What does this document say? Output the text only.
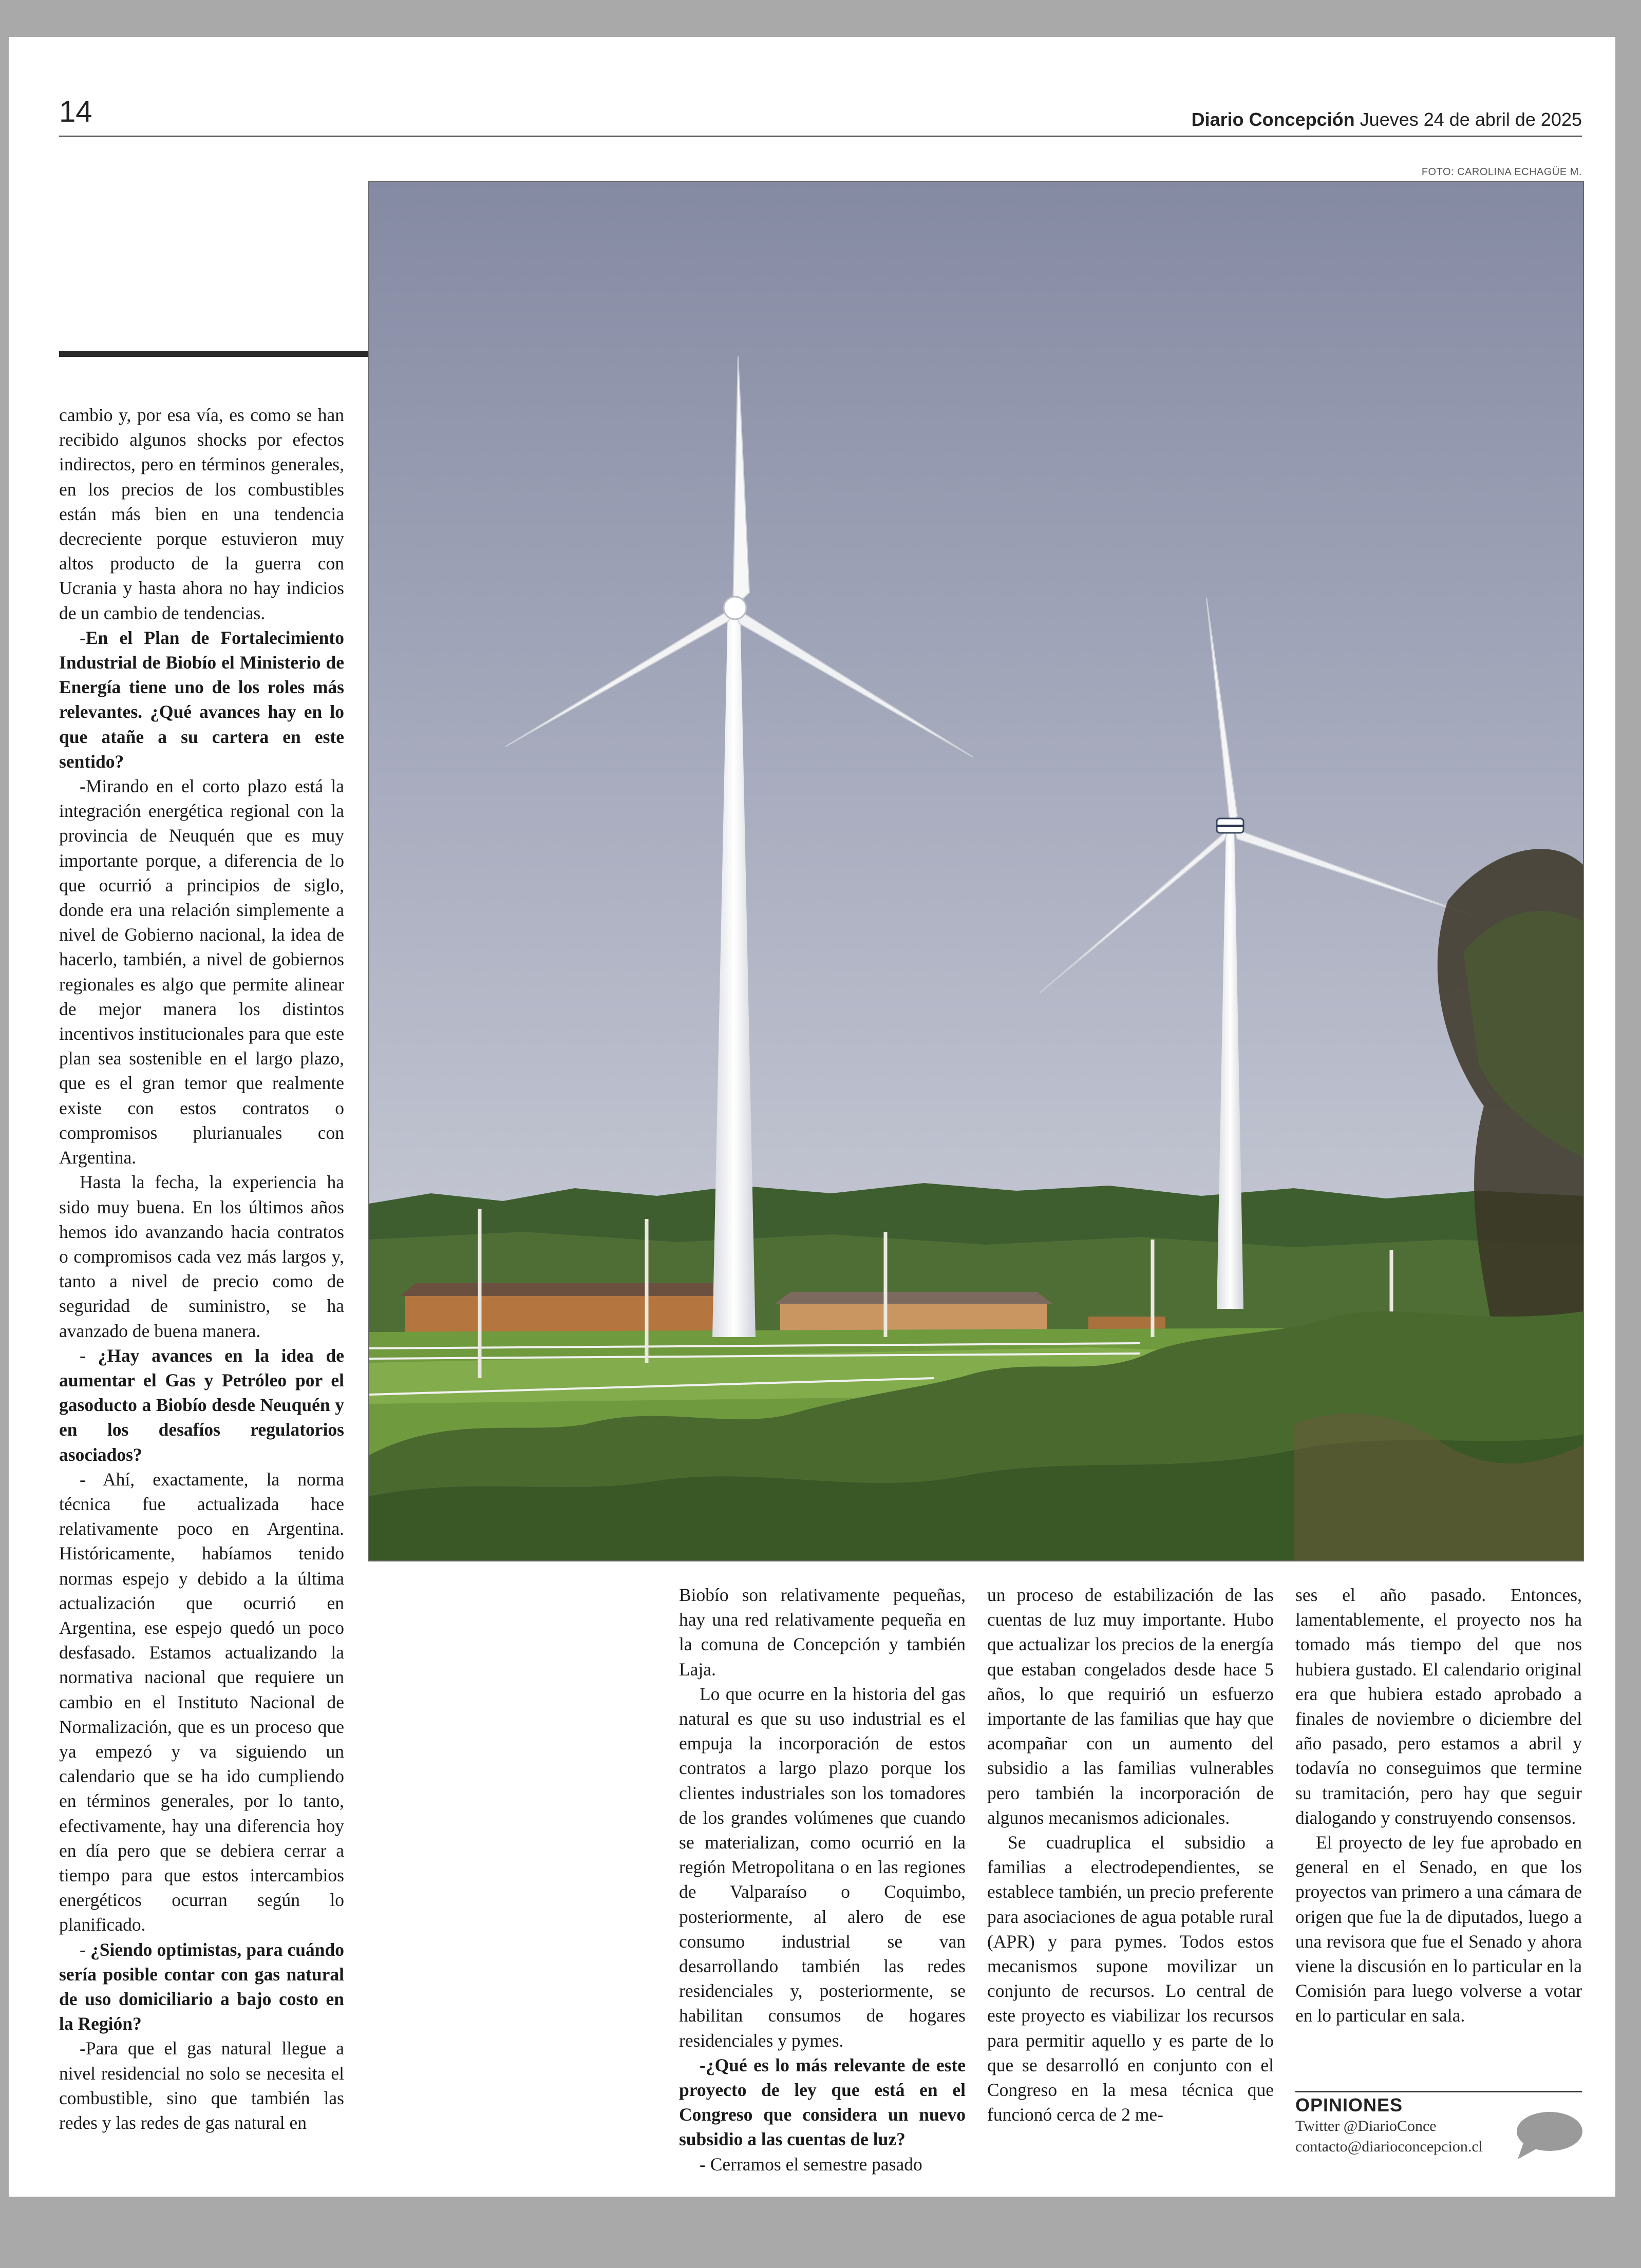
14	Diario Concepción Jueves 24 de abril de 2025
FOTO: CAROLINA ECHAGÜE M.

cambio y, por esa vía, es como se han recibido algunos shocks por efectos indirectos, pero en términos generales, en los precios de los combustibles están más bien en una tendencia decreciente porque estuvieron muy altos producto de la guerra con Ucrania y hasta ahora no hay indicios de un cambio de tendencias.

-En el Plan de Fortalecimiento Industrial de Biobío el Ministerio de Energía tiene uno de los roles más relevantes. ¿Qué avances hay en lo que atañe a su cartera en este sentido?

-Mirando en el corto plazo está la integración energética regional con la provincia de Neuquén que es muy importante porque, a diferencia de lo que ocurrió a principios de siglo, donde era una relación simplemente a nivel de Gobierno nacional, la idea de hacerlo, también, a nivel de gobiernos regionales es algo que permite alinear de mejor manera los distintos incentivos institucionales para que este plan sea sostenible en el largo plazo, que es el gran temor que realmente existe con estos contratos o compromisos plurianuales con Argentina.

Hasta la fecha, la experiencia ha sido muy buena. En los últimos años hemos ido avanzando hacia contratos o compromisos cada vez más largos y, tanto a nivel de precio como de seguridad de suministro, se ha avanzado de buena manera.

- ¿Hay avances en la idea de aumentar el Gas y Petróleo por el gasoducto a Biobío desde Neuquén y en los desafíos regulatorios asociados?

- Ahí, exactamente, la norma técnica fue actualizada hace relativamente poco en Argentina. Históricamente, habíamos tenido normas espejo y debido a la última actualización que ocurrió en Argentina, ese espejo quedó un poco desfasado. Estamos actualizando la normativa nacional que requiere un cambio en el Instituto Nacional de Normalización, que es un proceso que ya empezó y va siguiendo un calendario que se ha ido cumpliendo en términos generales, por lo tanto, efectivamente, hay una diferencia hoy en día pero que se debiera cerrar a tiempo para que estos intercambios energéticos ocurran según lo planificado.

- ¿Siendo optimistas, para cuándo sería posible contar con gas natural de uso domiciliario a bajo costo en la Región?

-Para que el gas natural llegue a nivel residencial no solo se necesita el combustible, sino que también las redes y las redes de gas natural en

Biobío son relativamente pequeñas, hay una red relativamente pequeña en la comuna de Concepción y también Laja.

Lo que ocurre en la historia del gas natural es que su uso industrial es el empuja la incorporación de estos contratos a largo plazo porque los clientes industriales son los tomadores de los grandes volúmenes que cuando se materializan, como ocurrió en la región Metropolitana o en las regiones de Valparaíso o Coquimbo, posteriormente, al alero de ese consumo industrial se van desarrollando también las redes residenciales y, posteriormente, se habilitan consumos de hogares residenciales y pymes.

-¿Qué es lo más relevante de este proyecto de ley que está en el Congreso que considera un nuevo subsidio a las cuentas de luz?

- Cerramos el semestre pasado

un proceso de estabilización de las cuentas de luz muy importante. Hubo que actualizar los precios de la energía que estaban congelados desde hace 5 años, lo que requirió un esfuerzo importante de las familias que hay que acompañar con un aumento del subsidio a las familias vulnerables pero también la incorporación de algunos mecanismos adicionales.

Se cuadruplica el subsidio a familias a electrodependientes, se establece también, un precio preferente para asociaciones de agua potable rural (APR) y para pymes. Todos estos mecanismos supone movilizar un conjunto de recursos. Lo central de este proyecto es viabilizar los recursos para permitir aquello y es parte de lo que se desarrolló en conjunto con el Congreso en la mesa técnica que funcionó cerca de 2 me-

ses el año pasado. Entonces, lamentablemente, el proyecto nos ha tomado más tiempo del que nos hubiera gustado. El calendario original era que hubiera estado aprobado a finales de noviembre o diciembre del año pasado, pero estamos a abril y todavía no conseguimos que termine su tramitación, pero hay que seguir dialogando y construyendo consensos.

El proyecto de ley fue aprobado en general en el Senado, en que los proyectos van primero a una cámara de origen que fue la de diputados, luego a una revisora que fue el Senado y ahora viene la discusión en lo particular en la Comisión para luego volverse a votar en lo particular en sala.

OPINIONES
Twitter @DiarioConce
contacto@diarioconcepcion.cl
